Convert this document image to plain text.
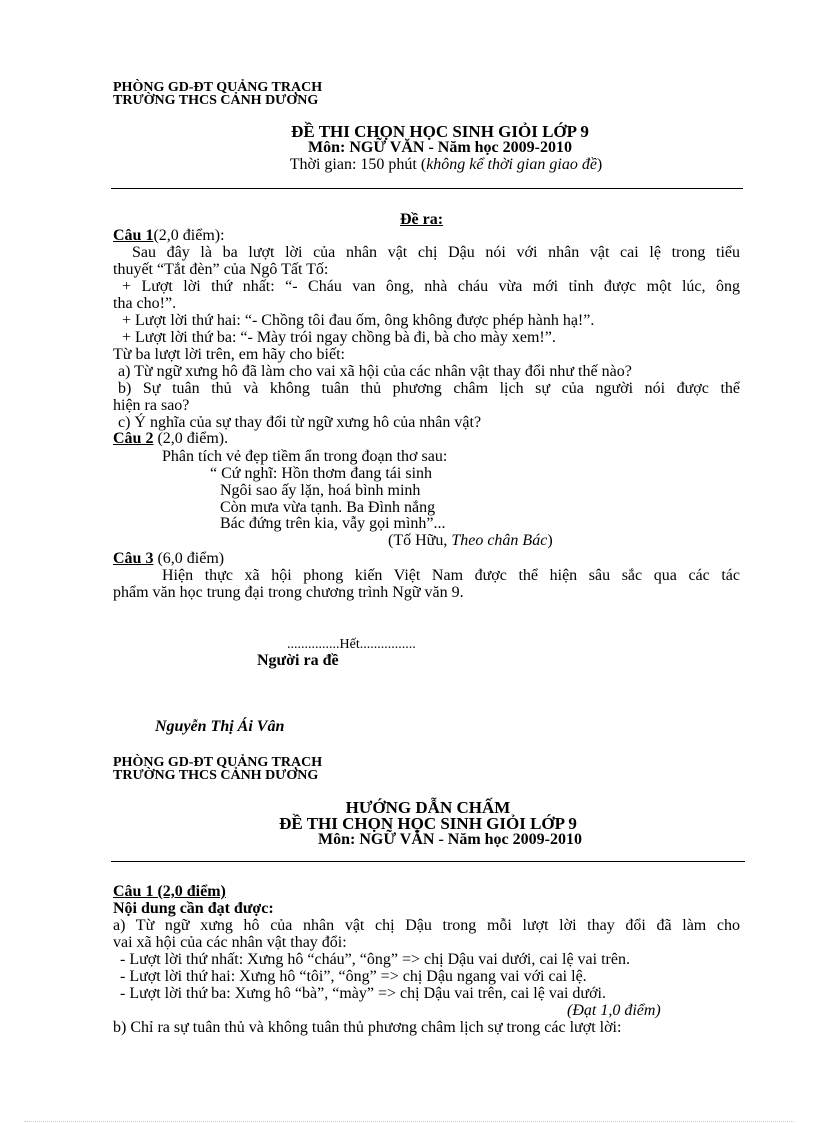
PHÒNG GD-ĐT QUẢNG TRẠCH
TRƯỜNG THCS CẢNH DƯƠNG
ĐỀ THI CHỌN HỌC SINH GIỎI LỚP 9
Môn: NGỮ VĂN - Năm học 2009-2010
Thời gian: 150 phút (không kể thời gian giao đề)
Đề ra:
Câu 1(2,0 điểm):
Sau đây là ba lượt lời của nhân vật chị Dậu nói với nhân vật cai lệ trong tiểu
thuyết “Tắt đèn” của Ngô Tất Tố:
+ Lượt lời thứ nhất: “- Cháu van ông, nhà cháu vừa mới tỉnh được một lúc, ông
tha cho!”.
+ Lượt lời thứ hai: “- Chồng tôi đau ốm, ông không được phép hành hạ!”.
+ Lượt lời thứ ba: “- Mày trói ngay chồng bà đi, bà cho mày xem!”.
Từ ba lượt lời trên, em hãy cho biết:
a) Từ ngữ xưng hô đã làm cho vai xã hội của các nhân vật thay đổi như thế nào?
b) Sự tuân thủ và không tuân thủ phương châm lịch sự của người nói được thể
hiện ra sao?
c) Ý nghĩa của sự thay đổi từ ngữ xưng hô của nhân vật?
Câu 2 (2,0 điểm).
Phân tích vẻ đẹp tiềm ẩn trong đoạn thơ sau:
“ Cứ nghĩ: Hồn thơm đang tái sinh
Ngôi sao ấy lặn, hoá bình minh
Còn mưa vừa tạnh. Ba Đình nắng
Bác đứng trên kia, vẫy gọi mình”...
(Tố Hữu, Theo chân Bác)
Câu 3 (6,0 điểm)
Hiện thực xã hội phong kiến Việt Nam được thể hiện sâu sắc qua các tác
phẩm văn học trung đại trong chương trình Ngữ văn 9.
...............Hết................
Người ra đề
Nguyễn Thị Ái Vân
PHÒNG GD-ĐT QUẢNG TRẠCH
TRƯỜNG THCS CẢNH DƯƠNG
HƯỚNG DẪN CHẤM
ĐỀ THI CHỌN HỌC SINH GIỎI LỚP 9
Môn: NGỮ VĂN - Năm học 2009-2010
Câu 1 (2,0 điểm)
Nội dung cần đạt được:
a) Từ ngữ xưng hô của nhân vật chị Dậu trong mỗi lượt lời thay đổi đã làm cho
vai xã hội của các nhân vật thay đổi:
- Lượt lời thứ nhất: Xưng hô “cháu”, “ông” => chị Dậu vai dưới, cai lệ vai trên.
- Lượt lời thứ hai: Xưng hô “tôi”, “ông” => chị Dậu ngang vai với cai lệ.
- Lượt lời thứ ba: Xưng hô “bà”, “mày” => chị Dậu vai trên, cai lệ vai dưới.
(Đạt 1,0 điểm)
b) Chỉ ra sự tuân thủ và không tuân thủ phương châm lịch sự trong các lượt lời:
